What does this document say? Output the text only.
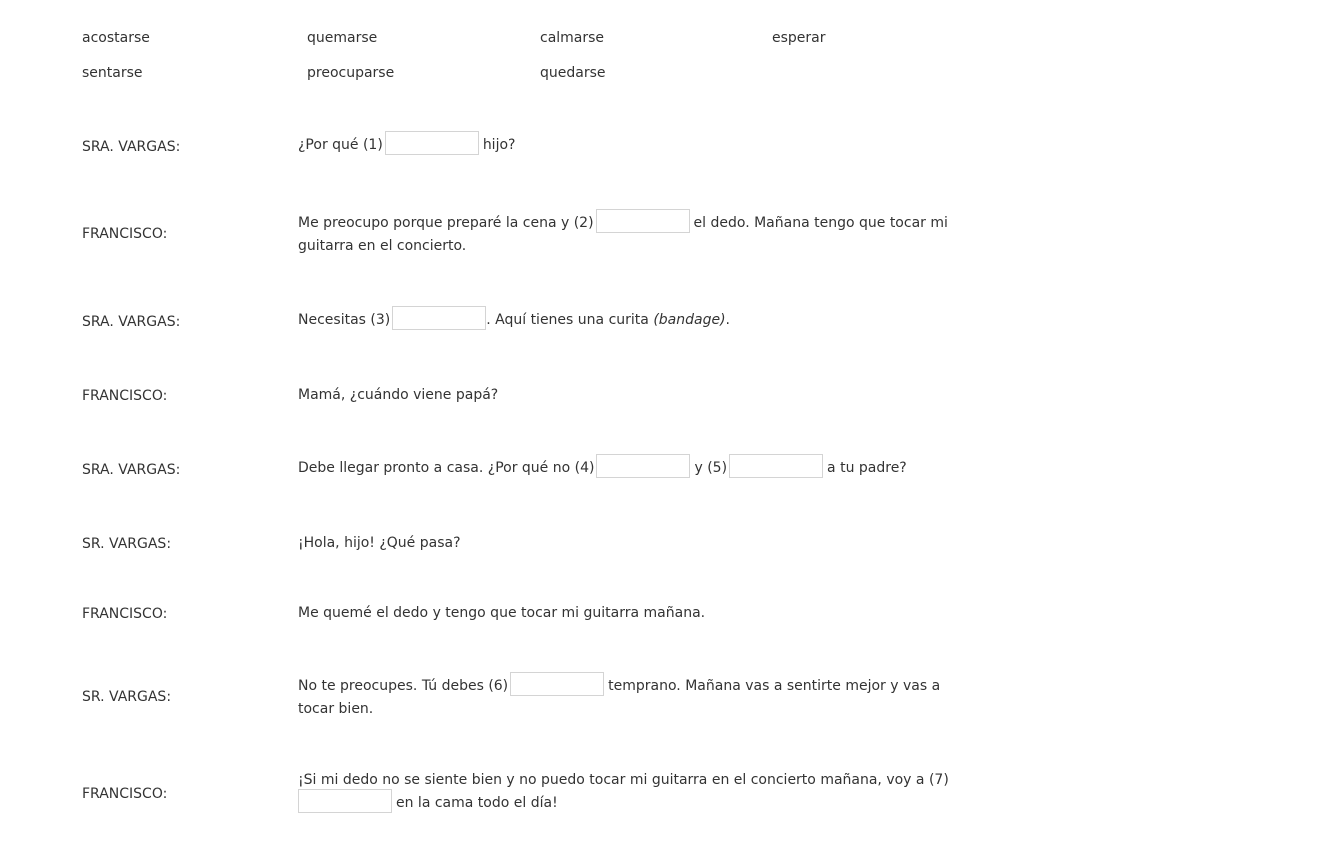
acostarse	quemarse	calmarse	esperar
sentarse	preocuparse	quedarse
SRA. VARGAS:	¿Por qué (1)	hijo?
FRANCISCO:
Me preocupo porque preparé la cena y (2)	el dedo. Mañana tengo que tocar mi guitarra en el concierto.
SRA. VARGAS:	Necesitas (3)	. Aquí tienes una curita (bandage).
FRANCISCO:	Mamá, ¿cuándo viene papá?
SRA. VARGAS:	Debe llegar pronto a casa. ¿Por qué no (4)	y (5)	a tu padre?
SR. VARGAS:	¡Hola, hijo! ¿Qué pasa?
FRANCISCO:	Me quemé el dedo y tengo que tocar mi guitarra mañana.
SR. VARGAS:
No te preocupes. Tú debes (6)	temprano. Mañana vas a sentirte mejor y vas a tocar bien.
FRANCISCO:
¡Si mi dedo no se siente bien y no puedo tocar mi guitarra en el concierto mañana, voy a (7)en la cama todo el día!
